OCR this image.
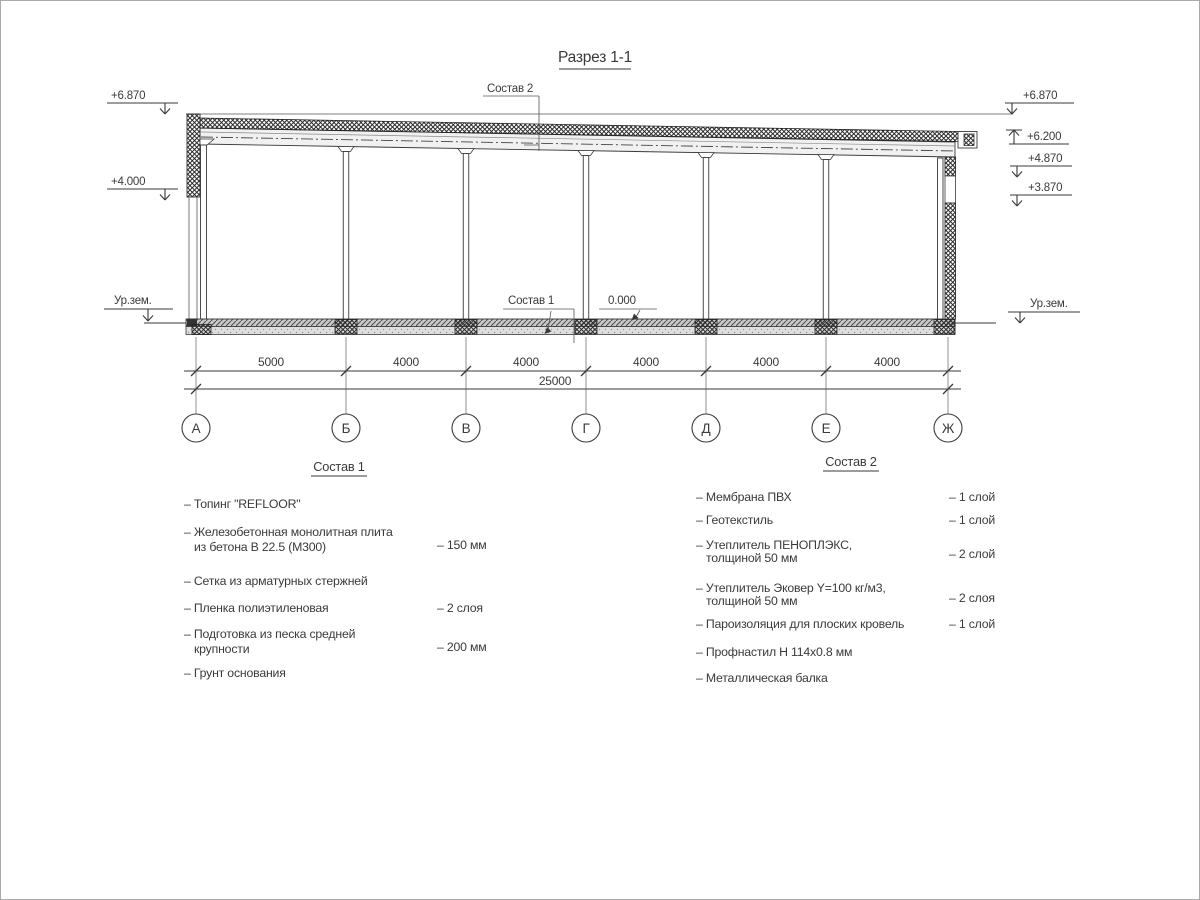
Разрез 1-1
5000	4000	4000	4000	4000	4000
25000
А	Б	В	Г	Д	Е	Ж
+6.870
+4.000
Ур.зем.
+6.870
+6.200
+4.870
+3.870
Ур.зем.
Состав 2
Состав 1	0.000
Состав 1
– Топинг "REFLOOR"
– Железобетонная монолитная плита
из бетона В 22.5 (М300)	– 150 мм
– Сетка из арматурных стержней
– Пленка полиэтиленовая	– 2 слоя
– Подготовка из песка средней
крупности	– 200 мм
– Грунт основания
Состав 2
– Мембрана ПВХ	– 1 слой
– Геотекстиль	– 1 слой
– Утеплитель ПЕНОПЛЭКС,
толщиной 50 мм	– 2 слой
– Утеплитель Эковер Y=100 кг/м3,
толщиной 50 мм	– 2 слоя
– Пароизоляция для плоских кровель	– 1 слой
– Профнастил Н 114х0.8 мм
– Металлическая балка
